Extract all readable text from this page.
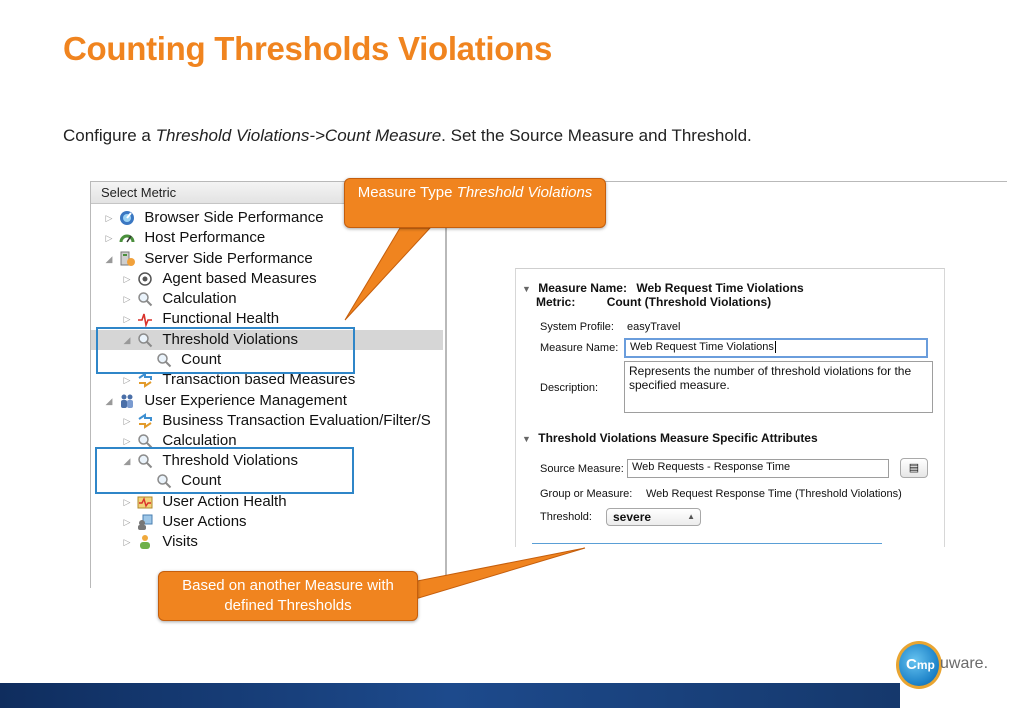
Counting Thresholds Violations
Configure a Threshold Violations->Count Measure. Set the Source Measure and Threshold.
Select Metric
▷ Browser Side Performance
▷ Host Performance
◢ Server Side Performance
▷ Agent based Measures
▷ Calculation
▷ Functional Health
◢ Threshold Violations
Count
▷ Transaction based Measures
◢ User Experience Management
▷ Business Transaction Evaluation/Filter/S
▷ Calculation
◢ Threshold Violations
Count
▷ User Action Health
▷ User Actions
▷ Visits
▼ Measure Name: Web Request Time Violations
Metric:	Count (Threshold Violations)
System Profile: easyTravel
Measure Name:	Web Request Time Violations
Description:
Represents the number of threshold violations for the specified measure.
▼ Threshold Violations Measure Specific Attributes
Source Measure: Web Requests - Response Time	▤
Group or Measure: Web Request Response Time (Threshold Violations)
Threshold:	severe	▲

Measure Type Threshold Violations
Based on another Measure with defined Thresholds
Cmp uware.
